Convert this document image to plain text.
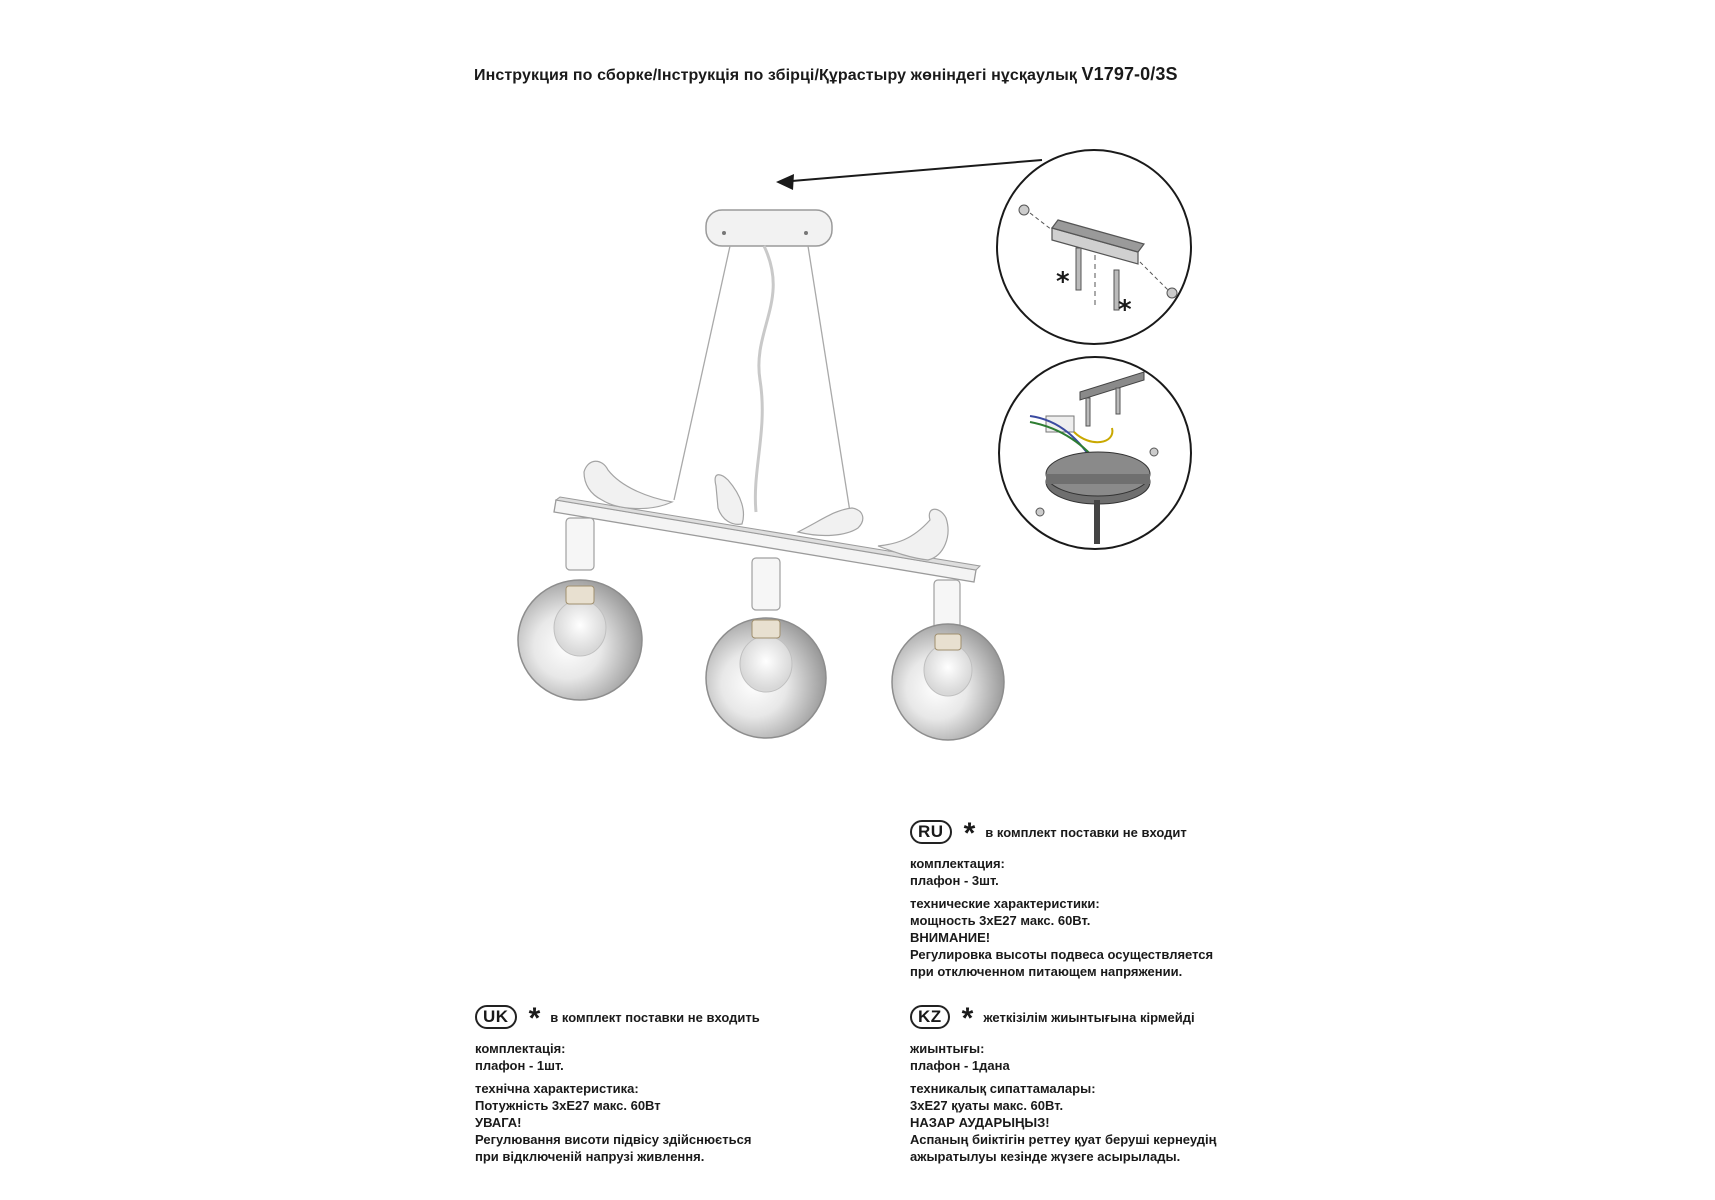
Инструкция по сборке/Інструкція по збірці/Құрастыру жөніндегі нұсқаулық V1797-0/3S
*
*
RU * в комплект поставки не входит
комплектация:
плафон - 3шт.
технические характеристики:
мощность 3хЕ27 макс. 60Вт.
ВНИМАНИЕ!
Регулировка высоты подвеса осуществляется
при отключенном питающем напряжении.
UK * в комплект поставки не входить
комплектація:
плафон - 1шт.
технічна характеристика:
Потужність 3хЕ27 макс. 60Вт
УВАГА!
Регулювання висоти підвісу здійснюється
при відключеній напрузі живлення.
KZ * жеткізілім жиынтығына кірмейді
жиынтығы:
плафон - 1дана
техникалық сипаттамалары:
3хЕ27 қуаты макс. 60Вт.
НАЗАР АУДАРЫҢЫЗ!
Аспаның биіктігін реттеу қуат беруші кернеудің
ажыратылуы кезінде жүзеге асырылады.
